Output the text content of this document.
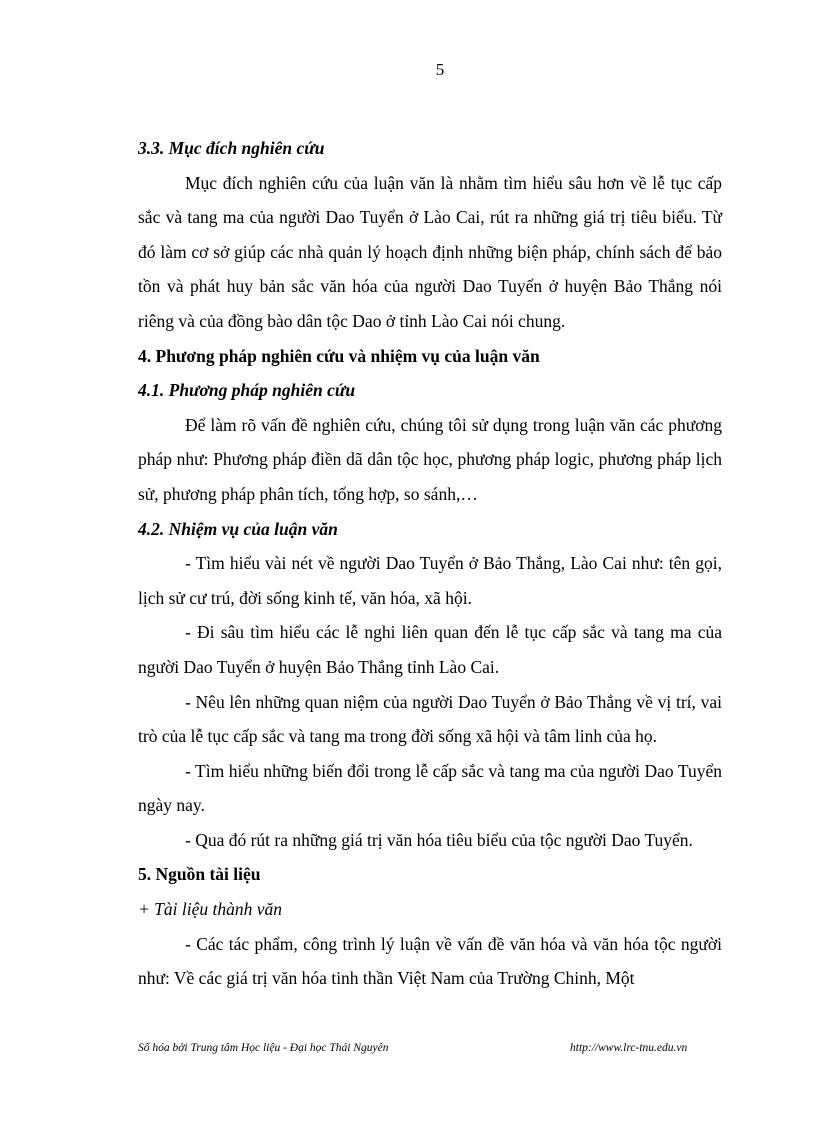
5

3.3. Mục đích nghiên cứu

Mục đích nghiên cứu của luận văn là nhằm tìm hiểu sâu hơn về lễ tục cấp sắc và tang ma của người Dao Tuyển ở Lào Cai, rút ra những giá trị tiêu biểu. Từ đó làm cơ sở giúp các nhà quản lý hoạch định những biện pháp, chính sách để bảo tồn và phát huy bản sắc văn hóa của người Dao Tuyển ở huyện Bảo Thắng nói riêng và của đồng bào dân tộc Dao ở tỉnh Lào Cai nói chung.

4. Phương pháp nghiên cứu và nhiệm vụ của luận văn

4.1. Phương pháp nghiên cứu

Để làm rõ vấn đề nghiên cứu, chúng tôi sử dụng trong luận văn các phương pháp như: Phương pháp điền dã dân tộc học, phương pháp logic, phương pháp lịch sử, phương pháp phân tích, tổng hợp, so sánh,…

4.2. Nhiệm vụ của luận văn

- Tìm hiểu vài nét về người Dao Tuyển ở Bảo Thắng, Lào Cai như: tên gọi, lịch sử cư trú, đời sống kinh tế, văn hóa, xã hội.

- Đi sâu tìm hiểu các lễ nghi liên quan đến lễ tục cấp sắc và tang ma của người Dao Tuyển ở huyện Bảo Thắng tỉnh Lào Cai.

- Nêu lên những quan niệm của người Dao Tuyển ở Bảo Thắng về vị trí, vai trò của lễ tục cấp sắc và tang ma trong đời sống xã hội và tâm linh của họ.

- Tìm hiểu những biến đổi trong lễ cấp sắc và tang ma của người Dao Tuyển ngày nay.

- Qua đó rút ra những giá trị văn hóa tiêu biểu của tộc người Dao Tuyển.

5. Nguồn tài liệu

+ Tài liệu thành văn

- Các tác phẩm, công trình lý luận về vấn đề văn hóa và văn hóa tộc người như: Về các giá trị văn hóa tinh thần Việt Nam của Trường Chinh, Một

Số hóa bởi Trung tâm Học liệu - Đại học Thái Nguyên	http://www.lrc-tnu.edu.vn
